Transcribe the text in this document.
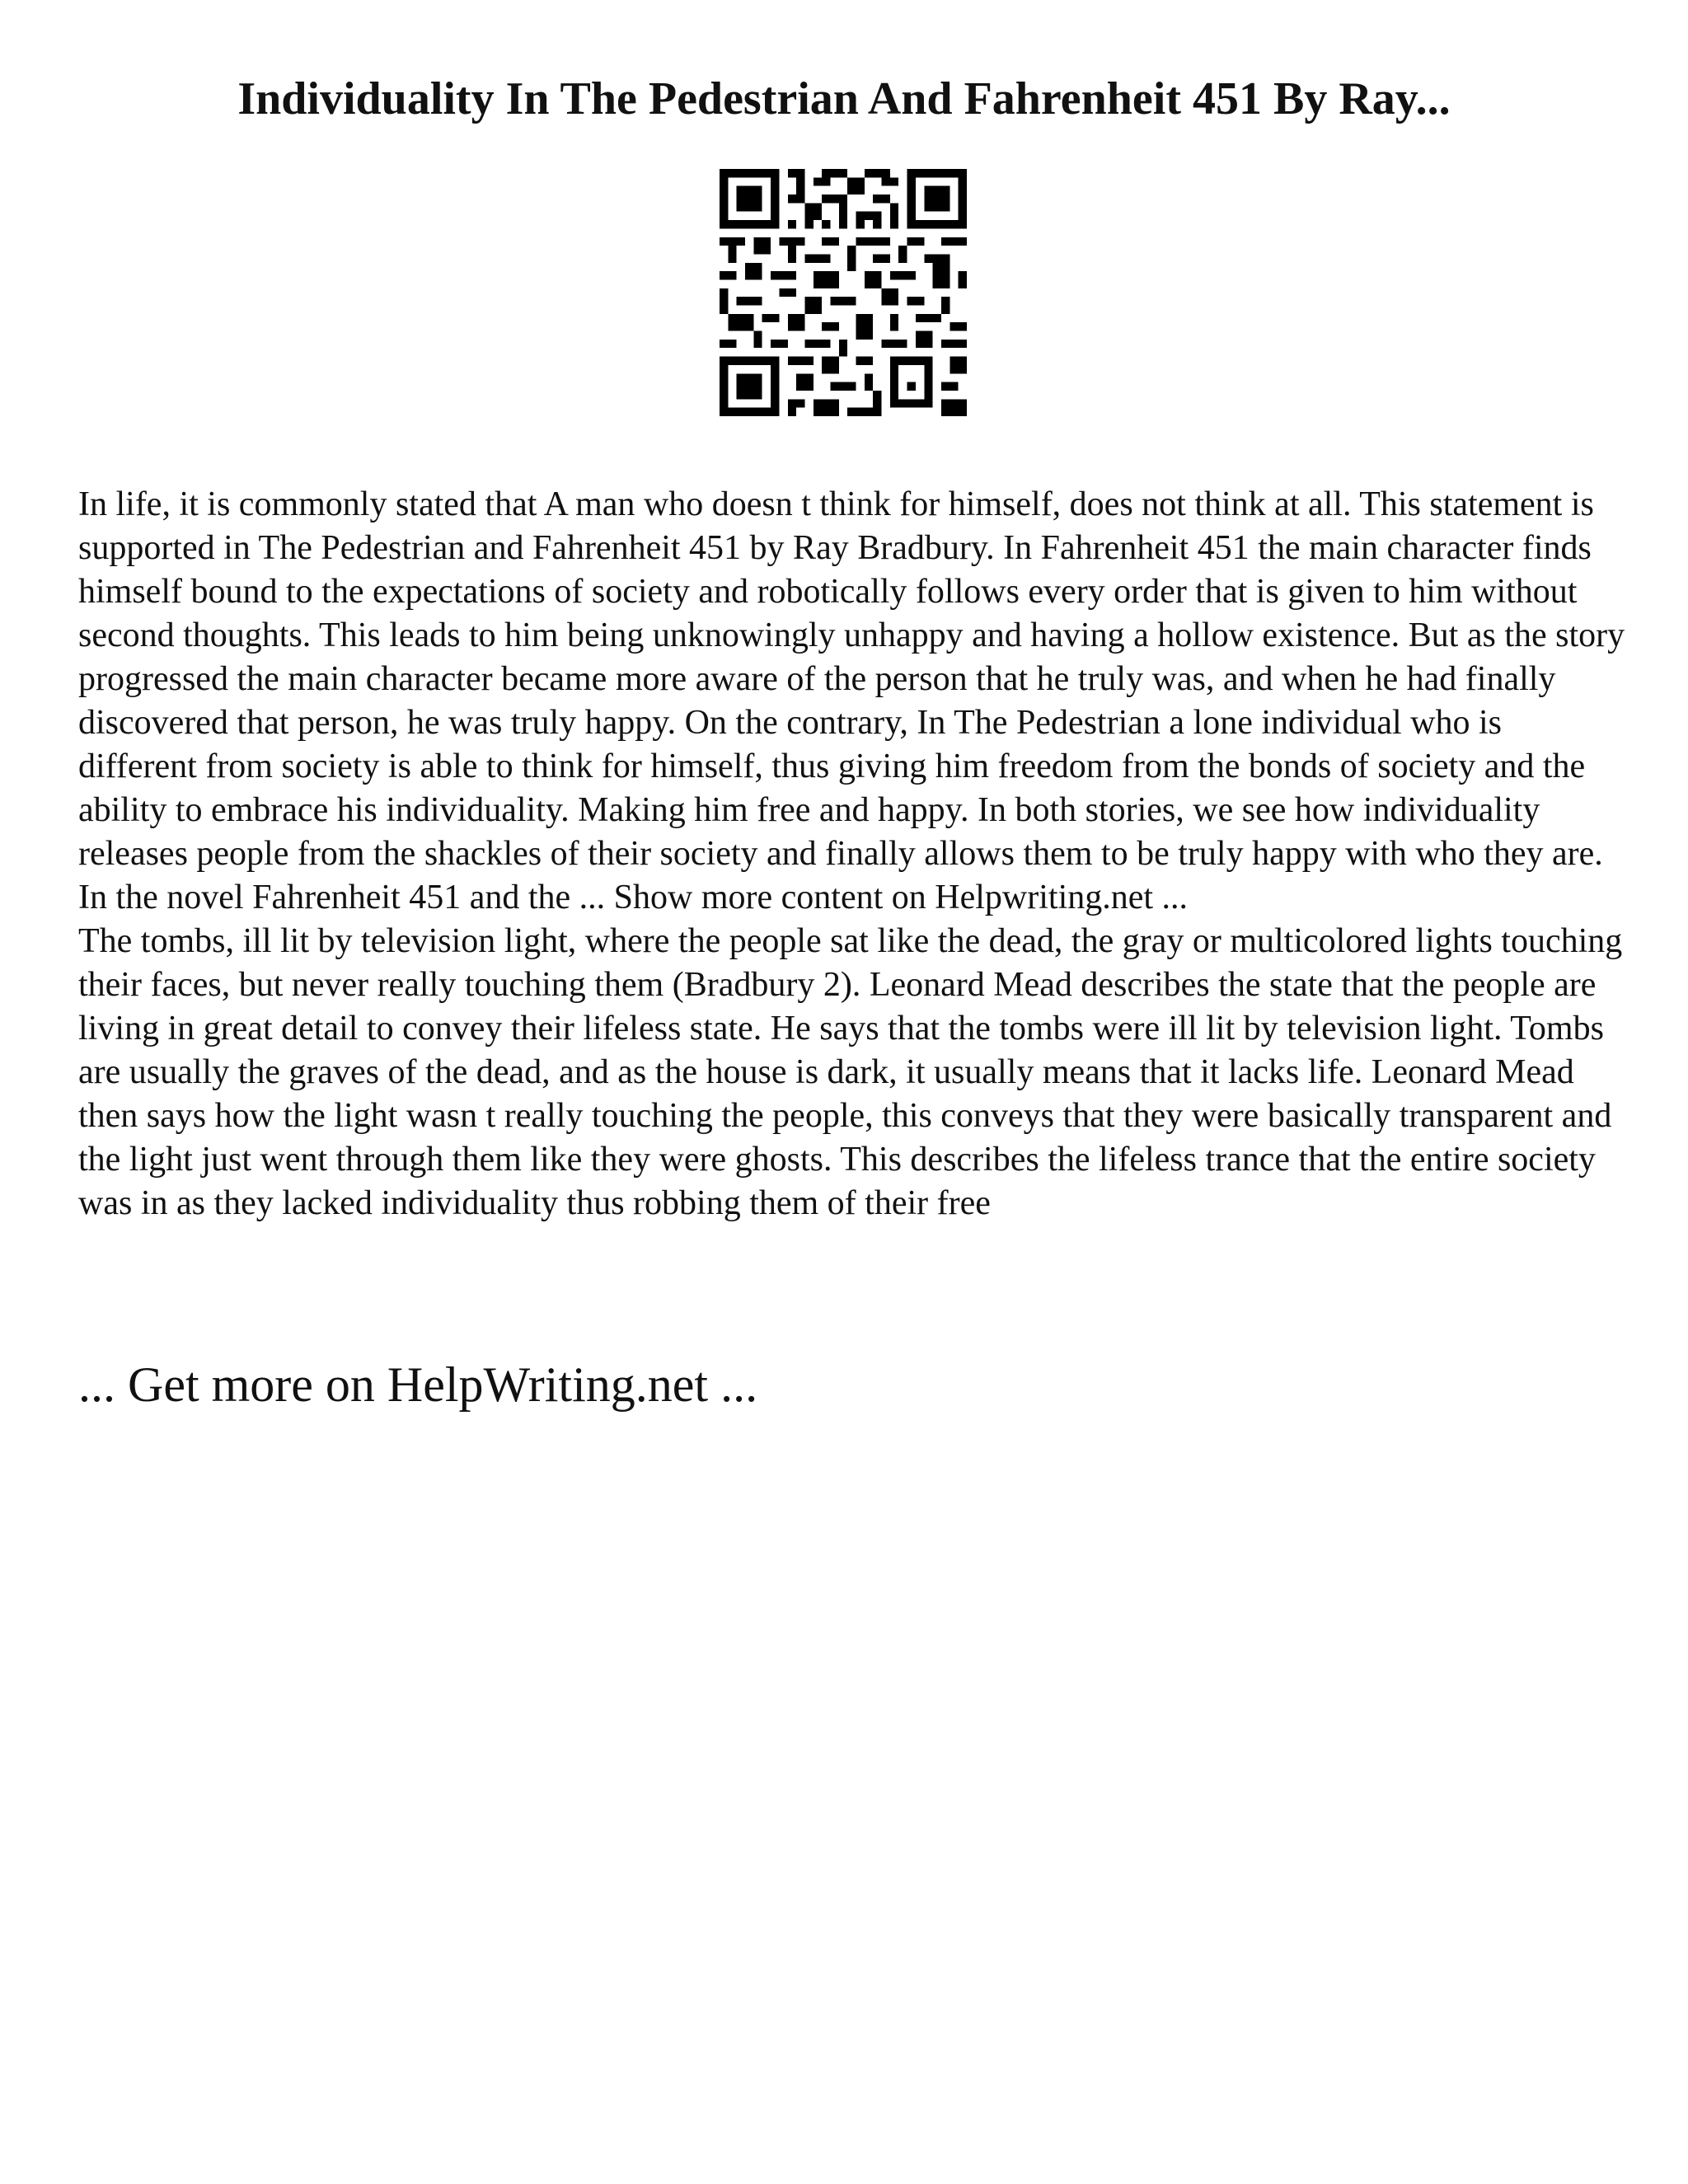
Individuality In The Pedestrian And Fahrenheit 451 By Ray...

In life, it is commonly stated that A man who doesn t think for himself, does not think at all. This statement is supported in The Pedestrian and Fahrenheit 451 by Ray Bradbury. In Fahrenheit 451 the main character finds himself bound to the expectations of society and robotically follows every order that is given to him without second thoughts. This leads to him being unknowingly unhappy and having a hollow existence. But as the story progressed the main character became more aware of the person that he truly was, and when he had finally discovered that person, he was truly happy. On the contrary, In The Pedestrian a lone individual who is different from society is able to think for himself, thus giving him freedom from the bonds of society and the ability to embrace his individuality. Making him free and happy. In both stories, we see how individuality releases people from the shackles of their society and finally allows them to be truly happy with who they are. In the novel Fahrenheit 451 and the ... Show more content on Helpwriting.net ...

The tombs, ill lit by television light, where the people sat like the dead, the gray or multicolored lights touching their faces, but never really touching them (Bradbury 2). Leonard Mead describes the state that the people are living in great detail to convey their lifeless state. He says that the tombs were ill lit by television light. Tombs are usually the graves of the dead, and as the house is dark, it usually means that it lacks life. Leonard Mead then says how the light wasn t really touching the people, this conveys that they were basically transparent and the light just went through them like they were ghosts. This describes the lifeless trance that the entire society was in as they lacked individuality thus robbing them of their free

... Get more on HelpWriting.net ...
